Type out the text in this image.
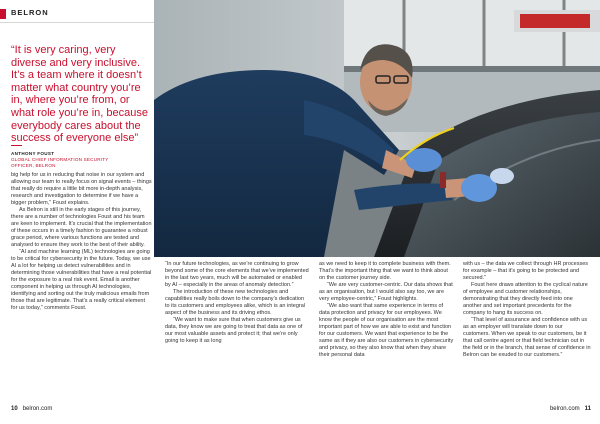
BELRON
“It is very caring, very diverse and very inclusive. It’s a team where it doesn’t matter what country you’re in, where you’re from, or what role you’re in, because everybody cares about the success of everyone else”
ANTHONY FOUST
GLOBAL CHIEF INFORMATION SECURITY OFFICER, BELRON

big help for us in reducing that noise in our system and allowing our team to really focus on signal events – things that really do require a little bit more in-depth analysis, research and investigation to determine if we have a bigger problem,” Foust explains.

As Belron is still in the early stages of this journey, there are a number of technologies Foust and his team are keen to implement. It’s crucial that the implementation of these occurs in a timely fashion to guarantee a robust grace period, where various functions are tested and analysed to ensure they work to the best of their ability.

“AI and machine learning (ML) technologies are going to be critical for cybersecurity in the future. Today, we use AI a lot for helping us detect vulnerabilities and in determining those vulnerabilities that have a real potential for the exposure to a real risk event. Email is another component in helping us through AI technologies, identifying and sorting out the truly malicious emails from those that are legitimate. That’s a really critical element for us today,” comments Foust.

“In our future technologies, as we’re continuing to grow beyond some of the core elements that we’ve implemented in the last two years, much will be automated or enabled by AI – especially in the areas of anomaly detection.”

The introduction of these new technologies and capabilities really boils down to the company’s dedication to its customers and employees alike, which is an integral aspect of the business and its driving ethos.

“We want to make sure that when customers give us data, they know we are going to treat that data as one of our most valuable assets and protect it; that we’re only going to keep it as long

as we need to keep it to complete business with them. That’s the important thing that we want to think about on the customer journey side.

“We are very customer-centric. Our data shows that as an organisation, but I would also say too, we are very employee-centric,” Foust highlights.

“We also want that same experience in terms of data protection and privacy for our employees. We know the people of our organisation are the most important part of how we are able to exist and function for our customers. We want that experience to be the same as if they are also our customers in cybersecurity and privacy, so they also know that when they share their personal data

with us – the data we collect through HR processes for example – that it’s going to be protected and secured.”

Foust here draws attention to the cyclical nature of employee and customer relationships, demonstrating that they directly feed into one another and set important precedents for the company to hang its success on.

“That level of assurance and confidence with us as an employer will translate down to our customers. When we speak to our customers, be it that call centre agent or that field technician out in the field or in the branch, that sense of confidence in Belron can be exuded to our customers.”

10 belron.com	belron.com 11
